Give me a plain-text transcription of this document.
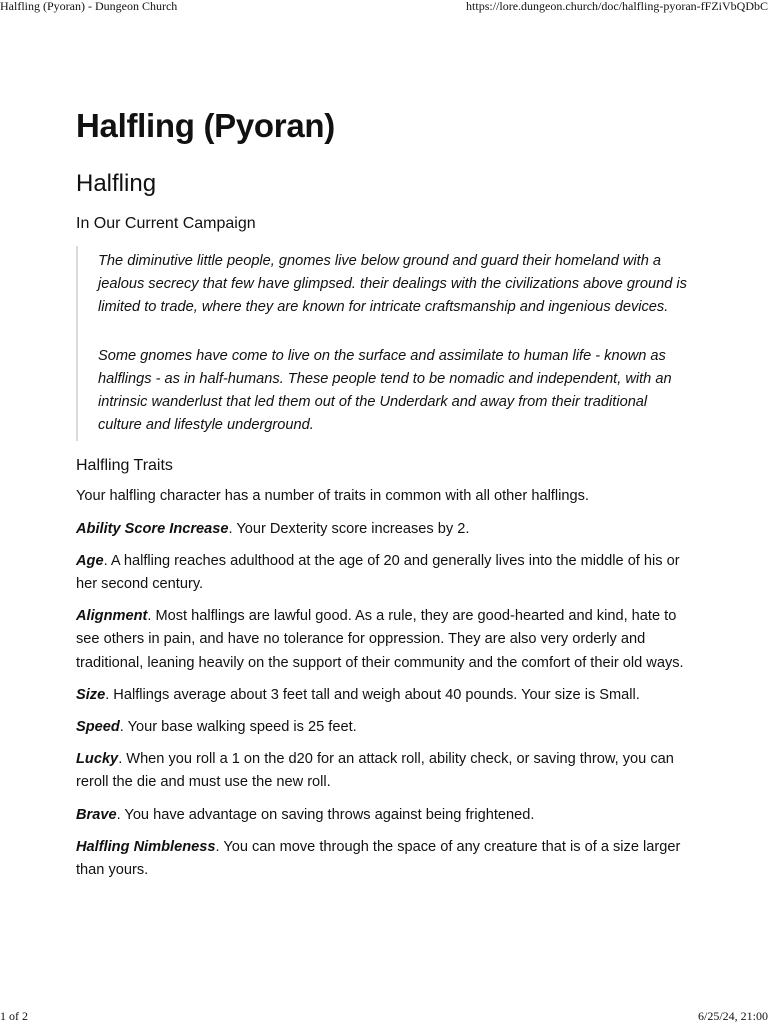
Halfling (Pyoran) - Dungeon Church	https://lore.dungeon.church/doc/halfling-pyoran-fFZiVbQDbC
Halfling (Pyoran)
Halfling
In Our Current Campaign

The diminutive little people, gnomes live below ground and guard their homeland with a jealous secrecy that few have glimpsed. their dealings with the civilizations above ground is limited to trade, where they are known for intricate craftsmanship and ingenious devices.

Some gnomes have come to live on the surface and assimilate to human life - known as halflings - as in half-humans. These people tend to be nomadic and independent, with an intrinsic wanderlust that led them out of the Underdark and away from their traditional culture and lifestyle underground.

Halfling Traits

Your halfling character has a number of traits in common with all other halflings.

Ability Score Increase. Your Dexterity score increases by 2.

Age. A halfling reaches adulthood at the age of 20 and generally lives into the middle of his or her second century.

Alignment. Most halflings are lawful good. As a rule, they are good-hearted and kind, hate to see others in pain, and have no tolerance for oppression. They are also very orderly and traditional, leaning heavily on the support of their community and the comfort of their old ways.

Size. Halflings average about 3 feet tall and weigh about 40 pounds. Your size is Small.

Speed. Your base walking speed is 25 feet.

Lucky. When you roll a 1 on the d20 for an attack roll, ability check, or saving throw, you can reroll the die and must use the new roll.

Brave. You have advantage on saving throws against being frightened.

Halfling Nimbleness. You can move through the space of any creature that is of a size larger than yours.

1 of 2	6/25/24, 21:00
